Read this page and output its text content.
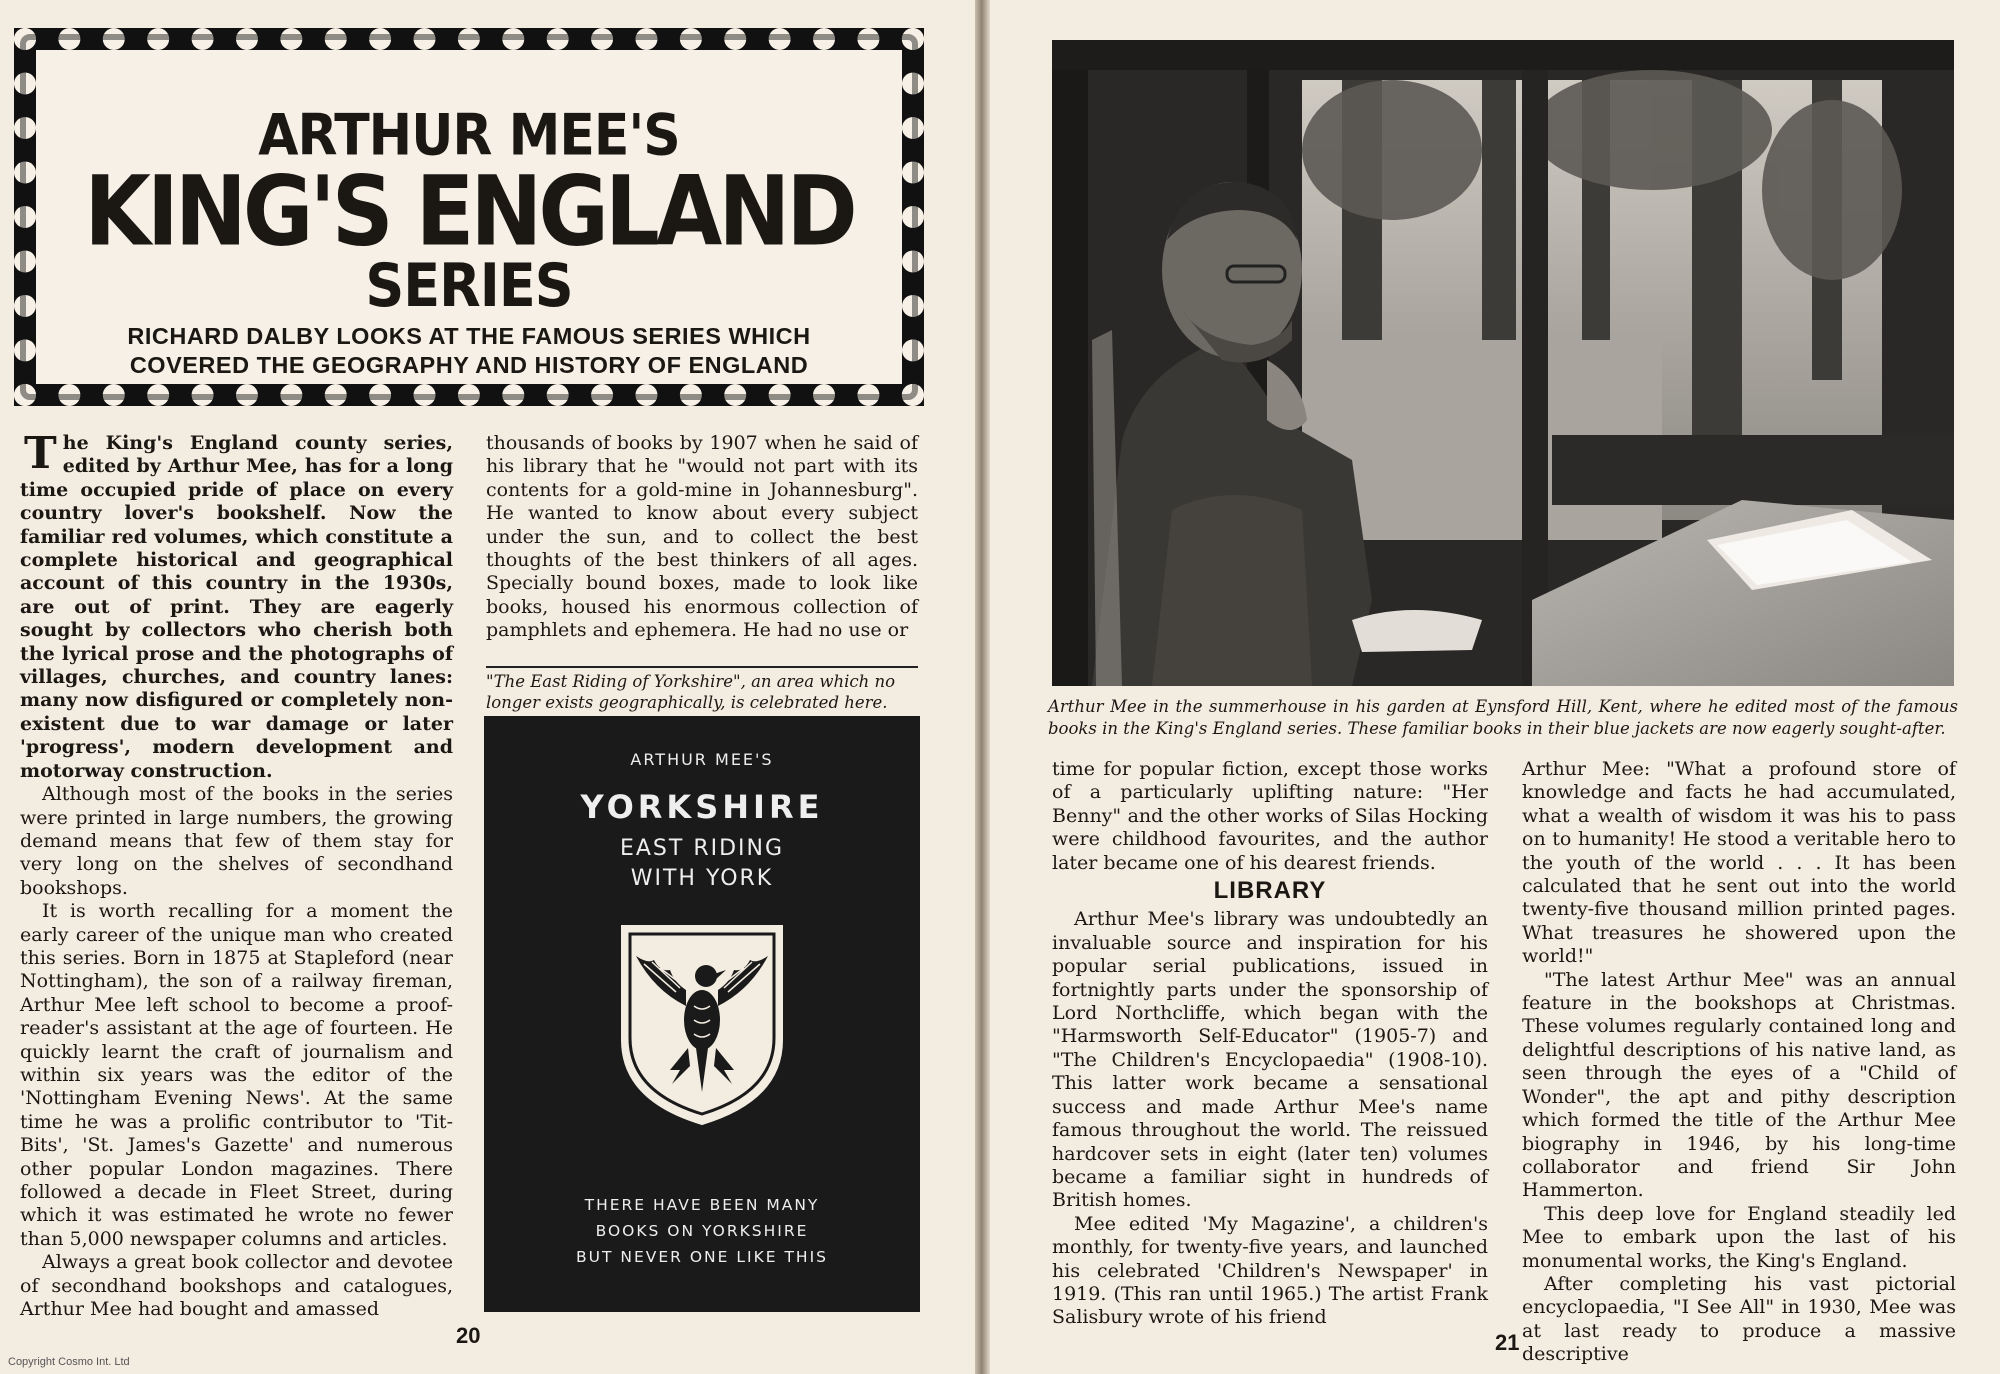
ARTHUR MEE'S
KING'S ENGLAND
SERIES
RICHARD DALBY LOOKS AT THE FAMOUS SERIES WHICH
COVERED THE GEOGRAPHY AND HISTORY OF ENGLAND

The King's England county series, edited by Arthur Mee, has for a long time occupied pride of place on every country lover's bookshelf. Now the familiar red volumes, which constitute a complete historical and geographical account of this country in the 1930s, are out of print. They are eagerly sought by collectors who cherish both the lyrical prose and the photographs of villages, churches, and country lanes: many now disfigured or completely non-existent due to war damage or later 'progress', modern development and motorway construction.

Although most of the books in the series were printed in large numbers, the growing demand means that few of them stay for very long on the shelves of secondhand bookshops.

It is worth recalling for a moment the early career of the unique man who created this series. Born in 1875 at Stapleford (near Nottingham), the son of a railway fireman, Arthur Mee left school to become a proof-reader's assistant at the age of fourteen. He quickly learnt the craft of journalism and within six years was the editor of the 'Nottingham Evening News'. At the same time he was a prolific contributor to 'Tit-Bits', 'St. James's Gazette' and numerous other popular London magazines. There followed a decade in Fleet Street, during which it was estimated he wrote no fewer than 5,000 newspaper columns and articles.

Always a great book collector and devotee of secondhand bookshops and catalogues, Arthur Mee had bought and amassed

thousands of books by 1907 when he said of his library that he "would not part with its contents for a gold-mine in Johannesburg". He wanted to know about every subject under the sun, and to collect the best thoughts of the best thinkers of all ages. Specially bound boxes, made to look like books, housed his enormous collection of pamphlets and ephemera. He had no use or

"The East Riding of Yorkshire", an area which no longer exists geographically, is celebrated here.
ARTHUR MEE'S
YORKSHIRE
EAST RIDING
WITH YORK
THERE HAVE BEEN MANY
BOOKS ON YORKSHIRE
BUT NEVER ONE LIKE THIS
20
Copyright Cosmo Int. Ltd
Arthur Mee in the summerhouse in his garden at Eynsford Hill, Kent, where he edited most of the famous books in the King's England series. These familiar books in their blue jackets are now eagerly sought-after.

time for popular fiction, except those works of a particularly uplifting nature: "Her Benny" and the other works of Silas Hocking were childhood favourites, and the author later became one of his dearest friends.

LIBRARY

Arthur Mee's library was undoubtedly an invaluable source and inspiration for his popular serial publications, issued in fortnightly parts under the sponsorship of Lord Northcliffe, which began with the "Harmsworth Self-Educator" (1905-7) and "The Children's Encyclopaedia" (1908-10). This latter work became a sensational success and made Arthur Mee's name famous throughout the world. The reissued hardcover sets in eight (later ten) volumes became a familiar sight in hundreds of British homes.

Mee edited 'My Magazine', a children's monthly, for twenty-five years, and launched his celebrated 'Children's Newspaper' in 1919. (This ran until 1965.) The artist Frank Salisbury wrote of his friend

Arthur Mee: "What a profound store of knowledge and facts he had accumulated, what a wealth of wisdom it was his to pass on to humanity! He stood a veritable hero to the youth of the world . . . It has been calculated that he sent out into the world twenty-five thousand million printed pages. What treasures he showered upon the world!"

"The latest Arthur Mee" was an annual feature in the bookshops at Christmas. These volumes regularly contained long and delightful descriptions of his native land, as seen through the eyes of a "Child of Wonder", the apt and pithy description which formed the title of the Arthur Mee biography in 1946, by his long-time collaborator and friend Sir John Hammerton.

This deep love for England steadily led Mee to embark upon the last of his monumental works, the King's England.

After completing his vast pictorial encyclopaedia, "I See All" in 1930, Mee was at last ready to produce a massive descriptive

21
